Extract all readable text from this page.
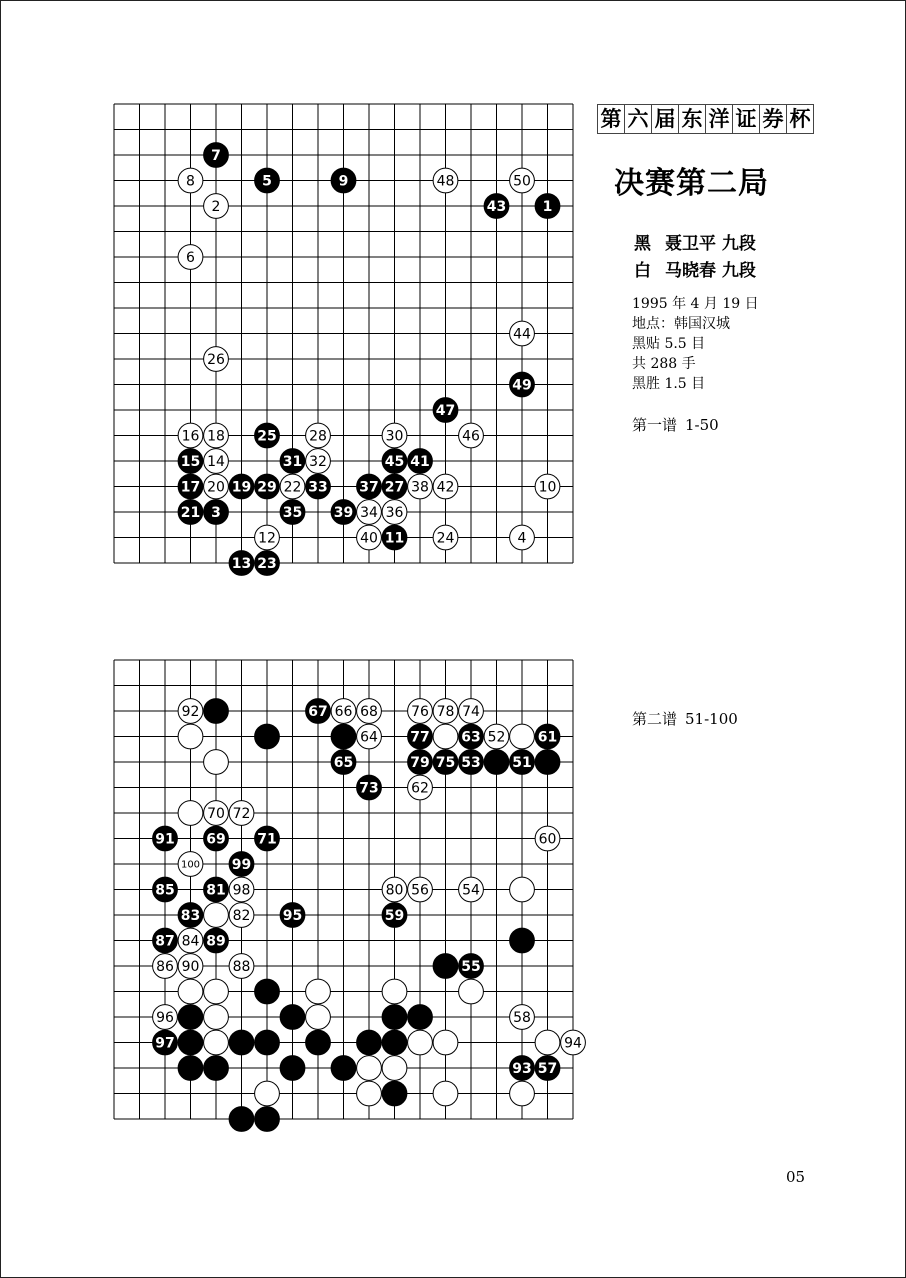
7
8	5	9	48	50
2	43	1
6
44
26
49
47
16 18 25 28	30	46
15 14	31 32	45 41
17 20 19 29 22 33 37 27 38 42	10
21 3	35 39 34 36
12	40 11 24	4
13 23
92	67 66 68 76 78 74
64 77 63 52 61
65	79 75 53 51
73 62
70 72
91 69 71	60
100 99
85 81 98	80 56 54
83 82 95	59
87 84 89
86 90 88	55
96	58
97	94
93 57
第 六 届 东 洋 证 券 杯
决赛第二局
黑 聂卫平 九段
白 马晓春 九段
1995 年 4 月 19 日
地点：韩国汉城
黑贴 5.5 目
共 288 手
黑胜 1.5 目
第一谱 1-50
第二谱 51-100
05
